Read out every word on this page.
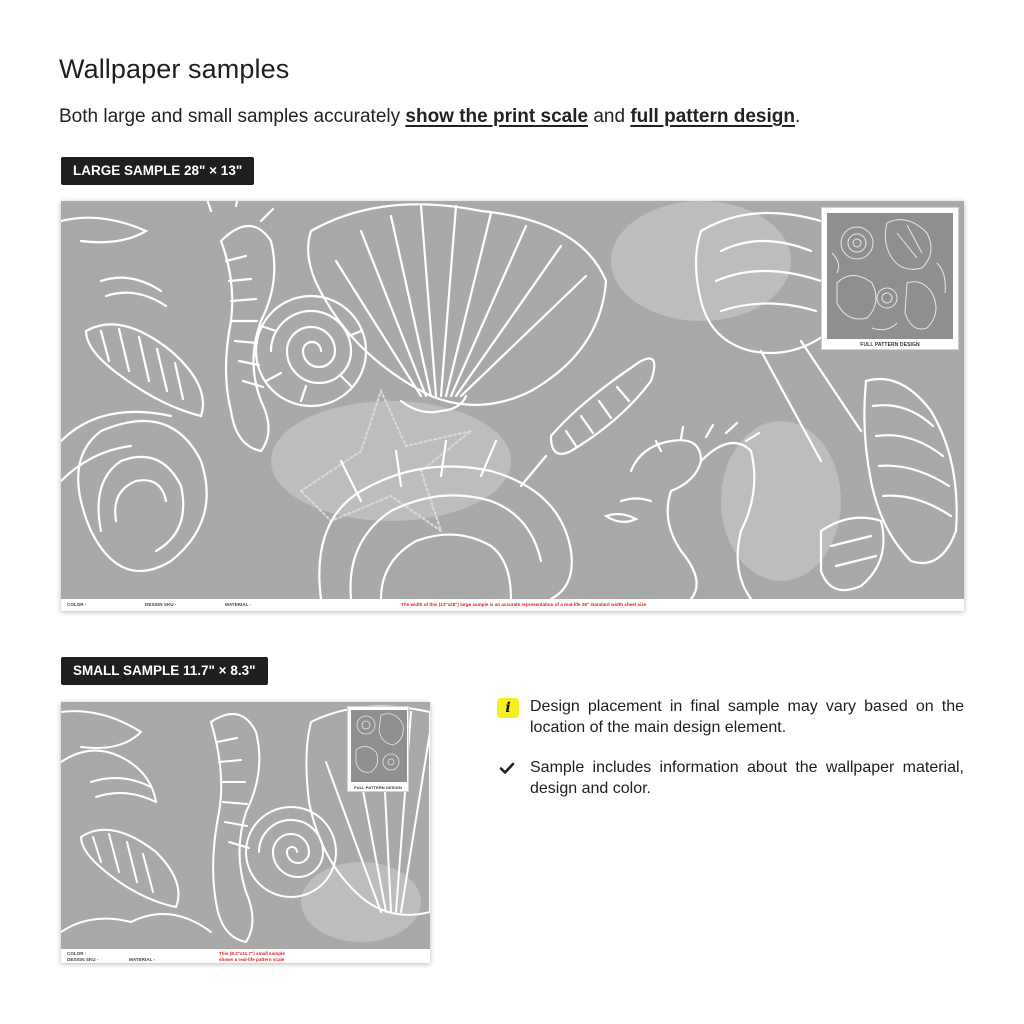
Wallpaper samples

Both large and small samples accurately show the print scale and full pattern design.

LARGE SAMPLE 28" × 13"
FULL PATTERN DESIGN
COLOR -	DESIGN SKU -	MATERIAL -	The width of this (13"x28") large sample is an accurate representation of a real-life 28" standard width sheet size
SMALL SAMPLE 11.7" × 8.3"
FULL PATTERN DESIGN
COLOR -
DESIGN SKU -	MATERIAL -
This (8.3"x11.7") small sample
shows a real-life pattern scale
i	Design placement in final sample may vary based on the location of the main design element.
Sample includes information about the wallpaper material, design and color.
